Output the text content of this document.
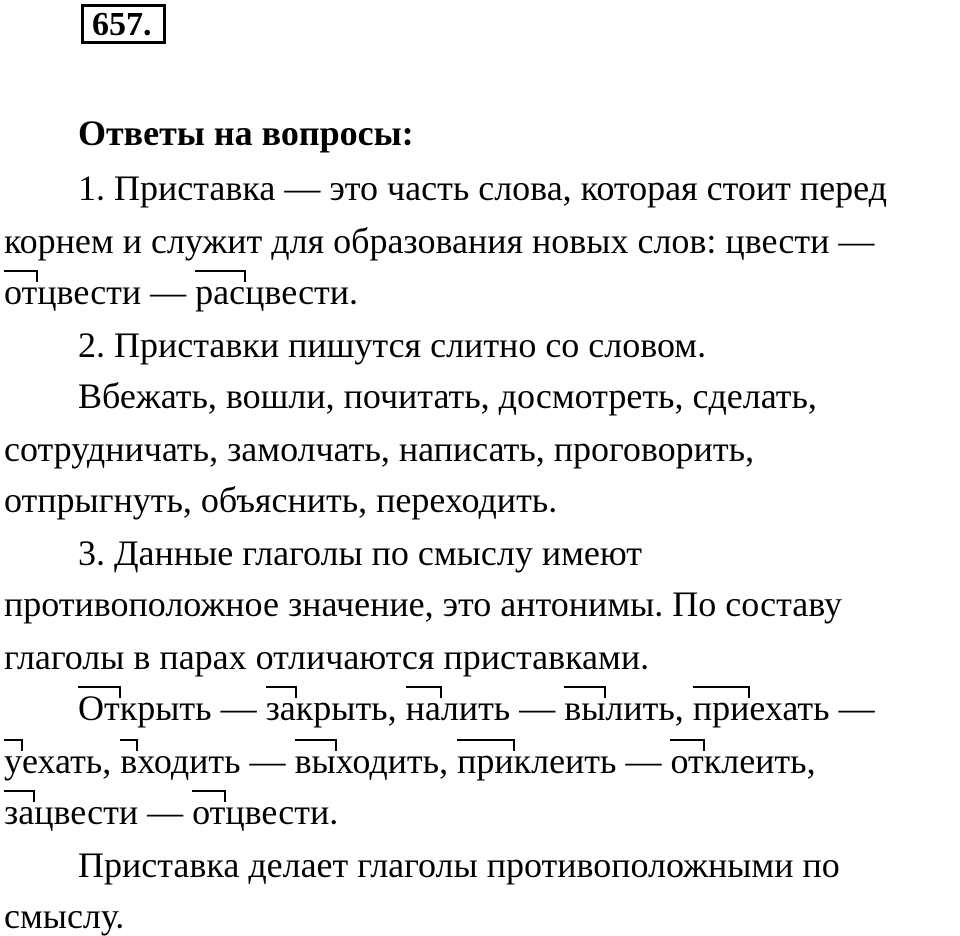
657.
Ответы на вопросы:
1. Приставка — это часть слова, которая стоит перед
корнем и служит для образования новых слов: цвести —
отцвести — расцвести.
2. Приставки пишутся слитно со словом.
Вбежать, вошли, почитать, досмотреть, сделать,
сотрудничать, замолчать, написать, проговорить,
отпрыгнуть, объяснить, переходить.
3. Данные глаголы по смыслу имеют
противоположное значение, это антонимы. По составу
глаголы в парах отличаются приставками.
Открыть — закрыть, налить — вылить, приехать —
уехать, входить — выходить, приклеить — отклеить,
зацвести — отцвести.
Приставка делает глаголы противоположными по
смыслу.
